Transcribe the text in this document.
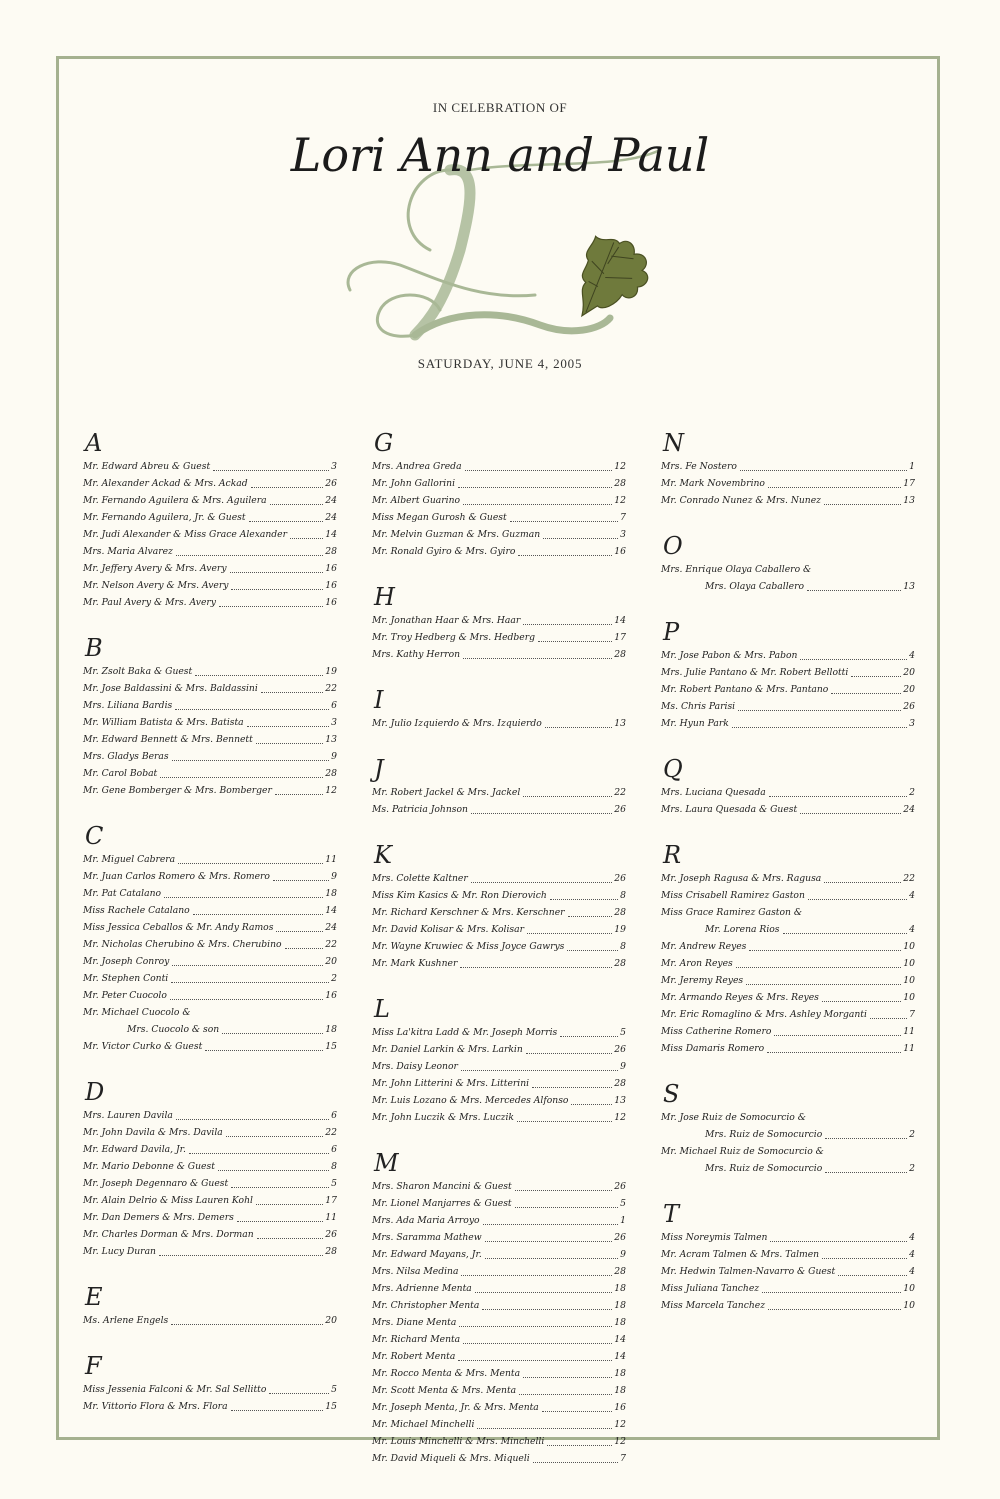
IN CELEBRATION OF
Lori Ann and Paul
SATURDAY, JUNE 4, 2005
A
Mr. Edward Abreu & Guest	3
Mr. Alexander Ackad & Mrs. Ackad	26
Mr. Fernando Aguilera & Mrs. Aguilera	24
Mr. Fernando Aguilera, Jr. & Guest	24
Mr. Judi Alexander & Miss Grace Alexander	14
Mrs. Maria Alvarez	28
Mr. Jeffery Avery & Mrs. Avery	16
Mr. Nelson Avery & Mrs. Avery	16
Mr. Paul Avery & Mrs. Avery	16
B
Mr. Zsolt Baka & Guest	19
Mr. Jose Baldassini & Mrs. Baldassini	22
Mrs. Liliana Bardis	6
Mr. William Batista & Mrs. Batista	3
Mr. Edward Bennett & Mrs. Bennett	13
Mrs. Gladys Beras	9
Mr. Carol Bobat	28
Mr. Gene Bomberger & Mrs. Bomberger	12
C
Mr. Miguel Cabrera	11
Mr. Juan Carlos Romero & Mrs. Romero	9
Mr. Pat Catalano	18
Miss Rachele Catalano	14
Miss Jessica Ceballos & Mr. Andy Ramos	24
Mr. Nicholas Cherubino & Mrs. Cherubino	22
Mr. Joseph Conroy	20
Mr. Stephen Conti	2
Mr. Peter Cuocolo	16
Mr. Michael Cuocolo &
Mrs. Cuocolo & son	18
Mr. Victor Curko & Guest	15
D
Mrs. Lauren Davila	6
Mr. John Davila & Mrs. Davila	22
Mr. Edward Davila, Jr.	6
Mr. Mario Debonne & Guest	8
Mr. Joseph Degennaro & Guest	5
Mr. Alain Delrio & Miss Lauren Kohl	17
Mr. Dan Demers & Mrs. Demers	11
Mr. Charles Dorman & Mrs. Dorman	26
Mr. Lucy Duran	28
E
Ms. Arlene Engels	20
F
Miss Jessenia Falconi & Mr. Sal Sellitto	5
Mr. Vittorio Flora & Mrs. Flora	15
G
Mrs. Andrea Greda	12
Mr. John Gallorini	28
Mr. Albert Guarino	12
Miss Megan Gurosh & Guest	7
Mr. Melvin Guzman & Mrs. Guzman	3
Mr. Ronald Gyiro & Mrs. Gyiro	16
H
Mr. Jonathan Haar & Mrs. Haar	14
Mr. Troy Hedberg & Mrs. Hedberg	17
Mrs. Kathy Herron	28
I
Mr. Julio Izquierdo & Mrs. Izquierdo	13
J
Mr. Robert Jackel & Mrs. Jackel	22
Ms. Patricia Johnson	26
K
Mrs. Colette Kaltner	26
Miss Kim Kasics & Mr. Ron Dierovich	8
Mr. Richard Kerschner & Mrs. Kerschner	28
Mr. David Kolisar & Mrs. Kolisar	19
Mr. Wayne Kruwiec & Miss Joyce Gawrys	8
Mr. Mark Kushner	28
L
Miss La'kitra Ladd & Mr. Joseph Morris	5
Mr. Daniel Larkin & Mrs. Larkin	26
Mrs. Daisy Leonor	9
Mr. John Litterini & Mrs. Litterini	28
Mr. Luis Lozano & Mrs. Mercedes Alfonso	13
Mr. John Luczik & Mrs. Luczik	12
M
Mrs. Sharon Mancini & Guest	26
Mr. Lionel Manjarres & Guest	5
Mrs. Ada Maria Arroyo	1
Mrs. Saramma Mathew	26
Mr. Edward Mayans, Jr.	9
Mrs. Nilsa Medina	28
Mrs. Adrienne Menta	18
Mr. Christopher Menta	18
Mrs. Diane Menta	18
Mr. Richard Menta	14
Mr. Robert Menta	14
Mr. Rocco Menta & Mrs. Menta	18
Mr. Scott Menta & Mrs. Menta	18
Mr. Joseph Menta, Jr. & Mrs. Menta	16
Mr. Michael Minchelli	12
Mr. Louis Minchelli & Mrs. Minchelli	12
Mr. David Miqueli & Mrs. Miqueli	7
N
Mrs. Fe Nostero	1
Mr. Mark Novembrino	17
Mr. Conrado Nunez & Mrs. Nunez	13
O
Mrs. Enrique Olaya Caballero &
Mrs. Olaya Caballero	13
P
Mr. Jose Pabon & Mrs. Pabon	4
Mrs. Julie Pantano & Mr. Robert Bellotti	20
Mr. Robert Pantano & Mrs. Pantano	20
Ms. Chris Parisi	26
Mr. Hyun Park	3
Q
Mrs. Luciana Quesada	2
Mrs. Laura Quesada & Guest	24
R
Mr. Joseph Ragusa & Mrs. Ragusa	22
Miss Crisabell Ramirez Gaston	4
Miss Grace Ramirez Gaston &
Mr. Lorena Rios	4
Mr. Andrew Reyes	10
Mr. Aron Reyes	10
Mr. Jeremy Reyes	10
Mr. Armando Reyes & Mrs. Reyes	10
Mr. Eric Romaglino & Mrs. Ashley Morganti	7
Miss Catherine Romero	11
Miss Damaris Romero	11
S
Mr. Jose Ruiz de Somocurcio &
Mrs. Ruiz de Somocurcio	2
Mr. Michael Ruiz de Somocurcio &
Mrs. Ruiz de Somocurcio	2
T
Miss Noreymis Talmen	4
Mr. Acram Talmen & Mrs. Talmen	4
Mr. Hedwin Talmen-Navarro & Guest	4
Miss Juliana Tanchez	10
Miss Marcela Tanchez	10
